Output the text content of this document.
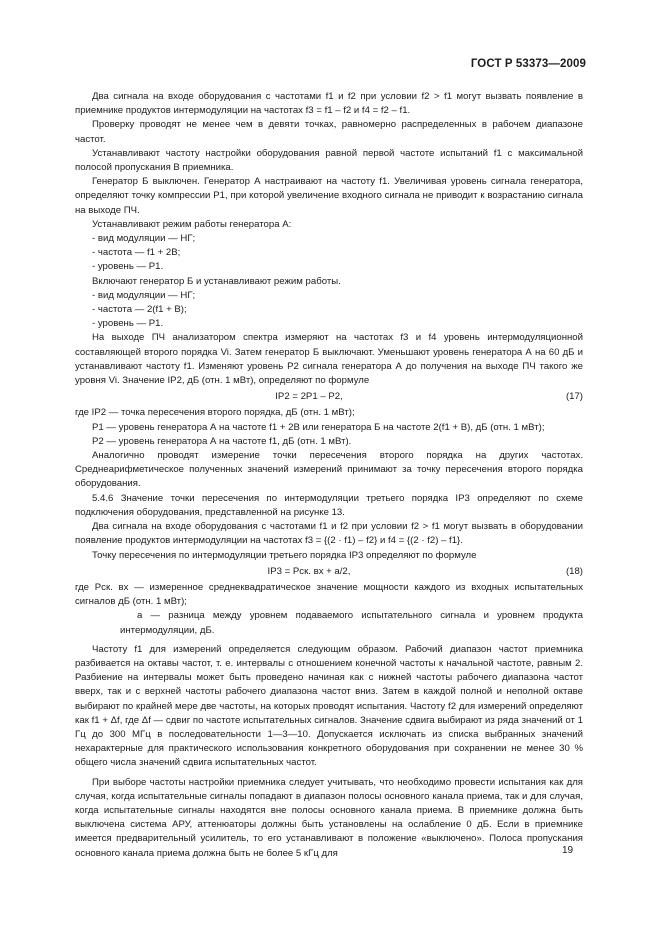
ГОСТ Р 53373—2009

Два сигнала на входе оборудования с частотами f1 и f2 при условии f2 > f1 могут вызвать появление в приемнике продуктов интермодуляции на частотах f3 = f1 – f2 и f4 = f2 – f1.

Проверку проводят не менее чем в девяти точках, равномерно распределенных в рабочем диапазоне частот.

Устанавливают частоту настройки оборудования равной первой частоте испытаний f1 с максимальной полосой пропускания В приемника.

Генератор Б выключен. Генератор А настраивают на частоту f1. Увеличивая уровень сигнала генератора, определяют точку компрессии P1, при которой увеличение входного сигнала не приводит к возрастанию сигнала на выходе ПЧ.

Устанавливают режим работы генератора А:

- вид модуляции — НГ;

- частота — f1 + 2B;

- уровень — P1.

Включают генератор Б и устанавливают режим работы.

- вид модуляции — НГ;

- частота — 2(f1 + B);

- уровень — P1.

На выходе ПЧ анализатором спектра измеряют на частотах f3 и f4 уровень интермодуляционной составляющей второго порядка Vi. Затем генератор Б выключают. Уменьшают уровень генератора А на 60 дБ и устанавливают частоту f1. Изменяют уровень P2 сигнала генератора А до получения на выходе ПЧ такого же уровня Vi. Значение IP2, дБ (отн. 1 мВт), определяют по формуле

IP2 = 2P1 – P2,	(17)

где IP2 — точка пересечения второго порядка, дБ (отн. 1 мВт);

P1 — уровень генератора А на частоте f1 + 2B или генератора Б на частоте 2(f1 + B), дБ (отн. 1 мВт);

P2 — уровень генератора А на частоте f1, дБ (отн. 1 мВт).

Аналогично проводят измерение точки пересечения второго порядка на других частотах. Среднеарифметическое полученных значений измерений принимают за точку пересечения второго порядка оборудования.

5.4.6 Значение точки пересечения по интермодуляции третьего порядка IP3 определяют по схеме подключения оборудования, представленной на рисунке 13.

Два сигнала на входе оборудования с частотами f1 и f2 при условии f2 > f1 могут вызвать в оборудовании появление продуктов интермодуляции на частотах f3 = {(2 · f1) – f2} и f4 = {(2 · f2) – f1}.

Точку пересечения по интермодуляции третьего порядка IP3 определяют по формуле

IP3 = Pск. вх + a/2,	(18)

где Pск. вх — измеренное среднеквадратическое значение мощности каждого из входных испытательных сигналов дБ (отн. 1 мВт);

a — разница между уровнем подаваемого испытательного сигнала и уровнем продукта интермодуляции, дБ.

Частоту f1 для измерений определяется следующим образом. Рабочий диапазон частот приемника разбивается на октавы частот, т. е. интервалы с отношением конечной частоты к начальной частоте, равным 2. Разбиение на интервалы может быть проведено начиная как с нижней частоты рабочего диапазона частот вверх, так и с верхней частоты рабочего диапазона частот вниз. Затем в каждой полной и неполной октаве выбирают по крайней мере две частоты, на которых проводят испытания. Частоту f2 для измерений определяют как f1 + Δf, где Δf — сдвиг по частоте испытательных сигналов. Значение сдвига выбирают из ряда значений от 1 Гц до 300 МГц в последовательности 1—3—10. Допускается исключать из списка выбранных значений нехарактерные для практического использования конкретного оборудования при сохранении не менее 30 % общего числа значений сдвига испытательных частот.

При выборе частоты настройки приемника следует учитывать, что необходимо провести испытания как для случая, когда испытательные сигналы попадают в диапазон полосы основного канала приема, так и для случая, когда испытательные сигналы находятся вне полосы основного канала приема. В приемнике должна быть выключена система АРУ, аттенюаторы должны быть установлены на ослабление 0 дБ. Если в приемнике имеется предварительный усилитель, то его устанавливают в положение «выключено». Полоса пропускания основного канала приема должна быть не более 5 кГц для	19
